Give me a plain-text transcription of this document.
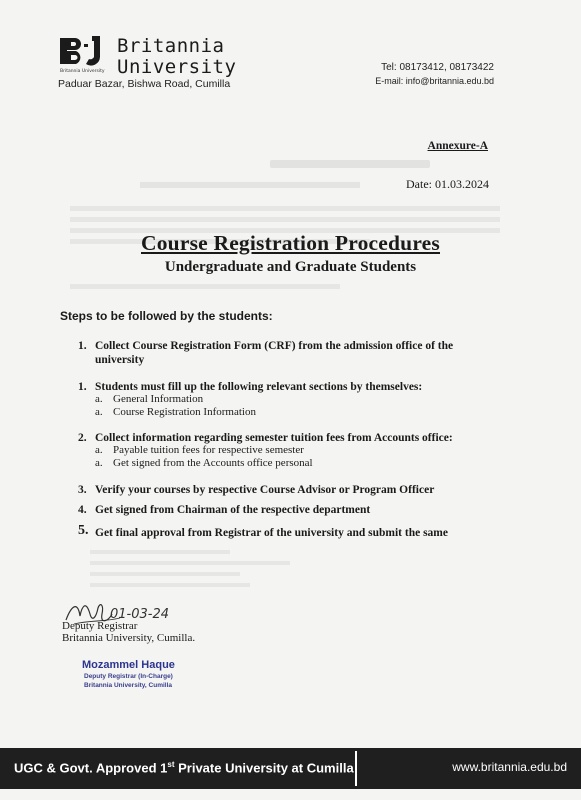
Britannia University
Britannia
University
Paduar Bazar, Bishwa Road, Cumilla
Tel: 08173412, 08173422
E-mail: info@britannia.edu.bd
Annexure-A
Date: 01.03.2024
Course Registration Procedures
Undergraduate and Graduate Students
Steps to be followed by the students:
1. Collect Course Registration Form (CRF) from the admission office of the university
1. Students must fill up the following relevant sections by themselves:
a. General Information
a. Course Registration Information
2. Collect information regarding semester tuition fees from Accounts office:
a. Payable tuition fees for respective semester
a. Get signed from the Accounts office personal
3. Verify your courses by respective Course Advisor or Program Officer
4. Get signed from Chairman of the respective department
5. Get final approval from Registrar of the university and submit the same
01-03-24
Deputy Registrar
Britannia University, Cumilla.
Mozammel Haque
Deputy Registrar (In-Charge)
Britannia University, Cumilla
UGC & Govt. Approved 1st Private University at Cumilla	www.britannia.edu.bd
